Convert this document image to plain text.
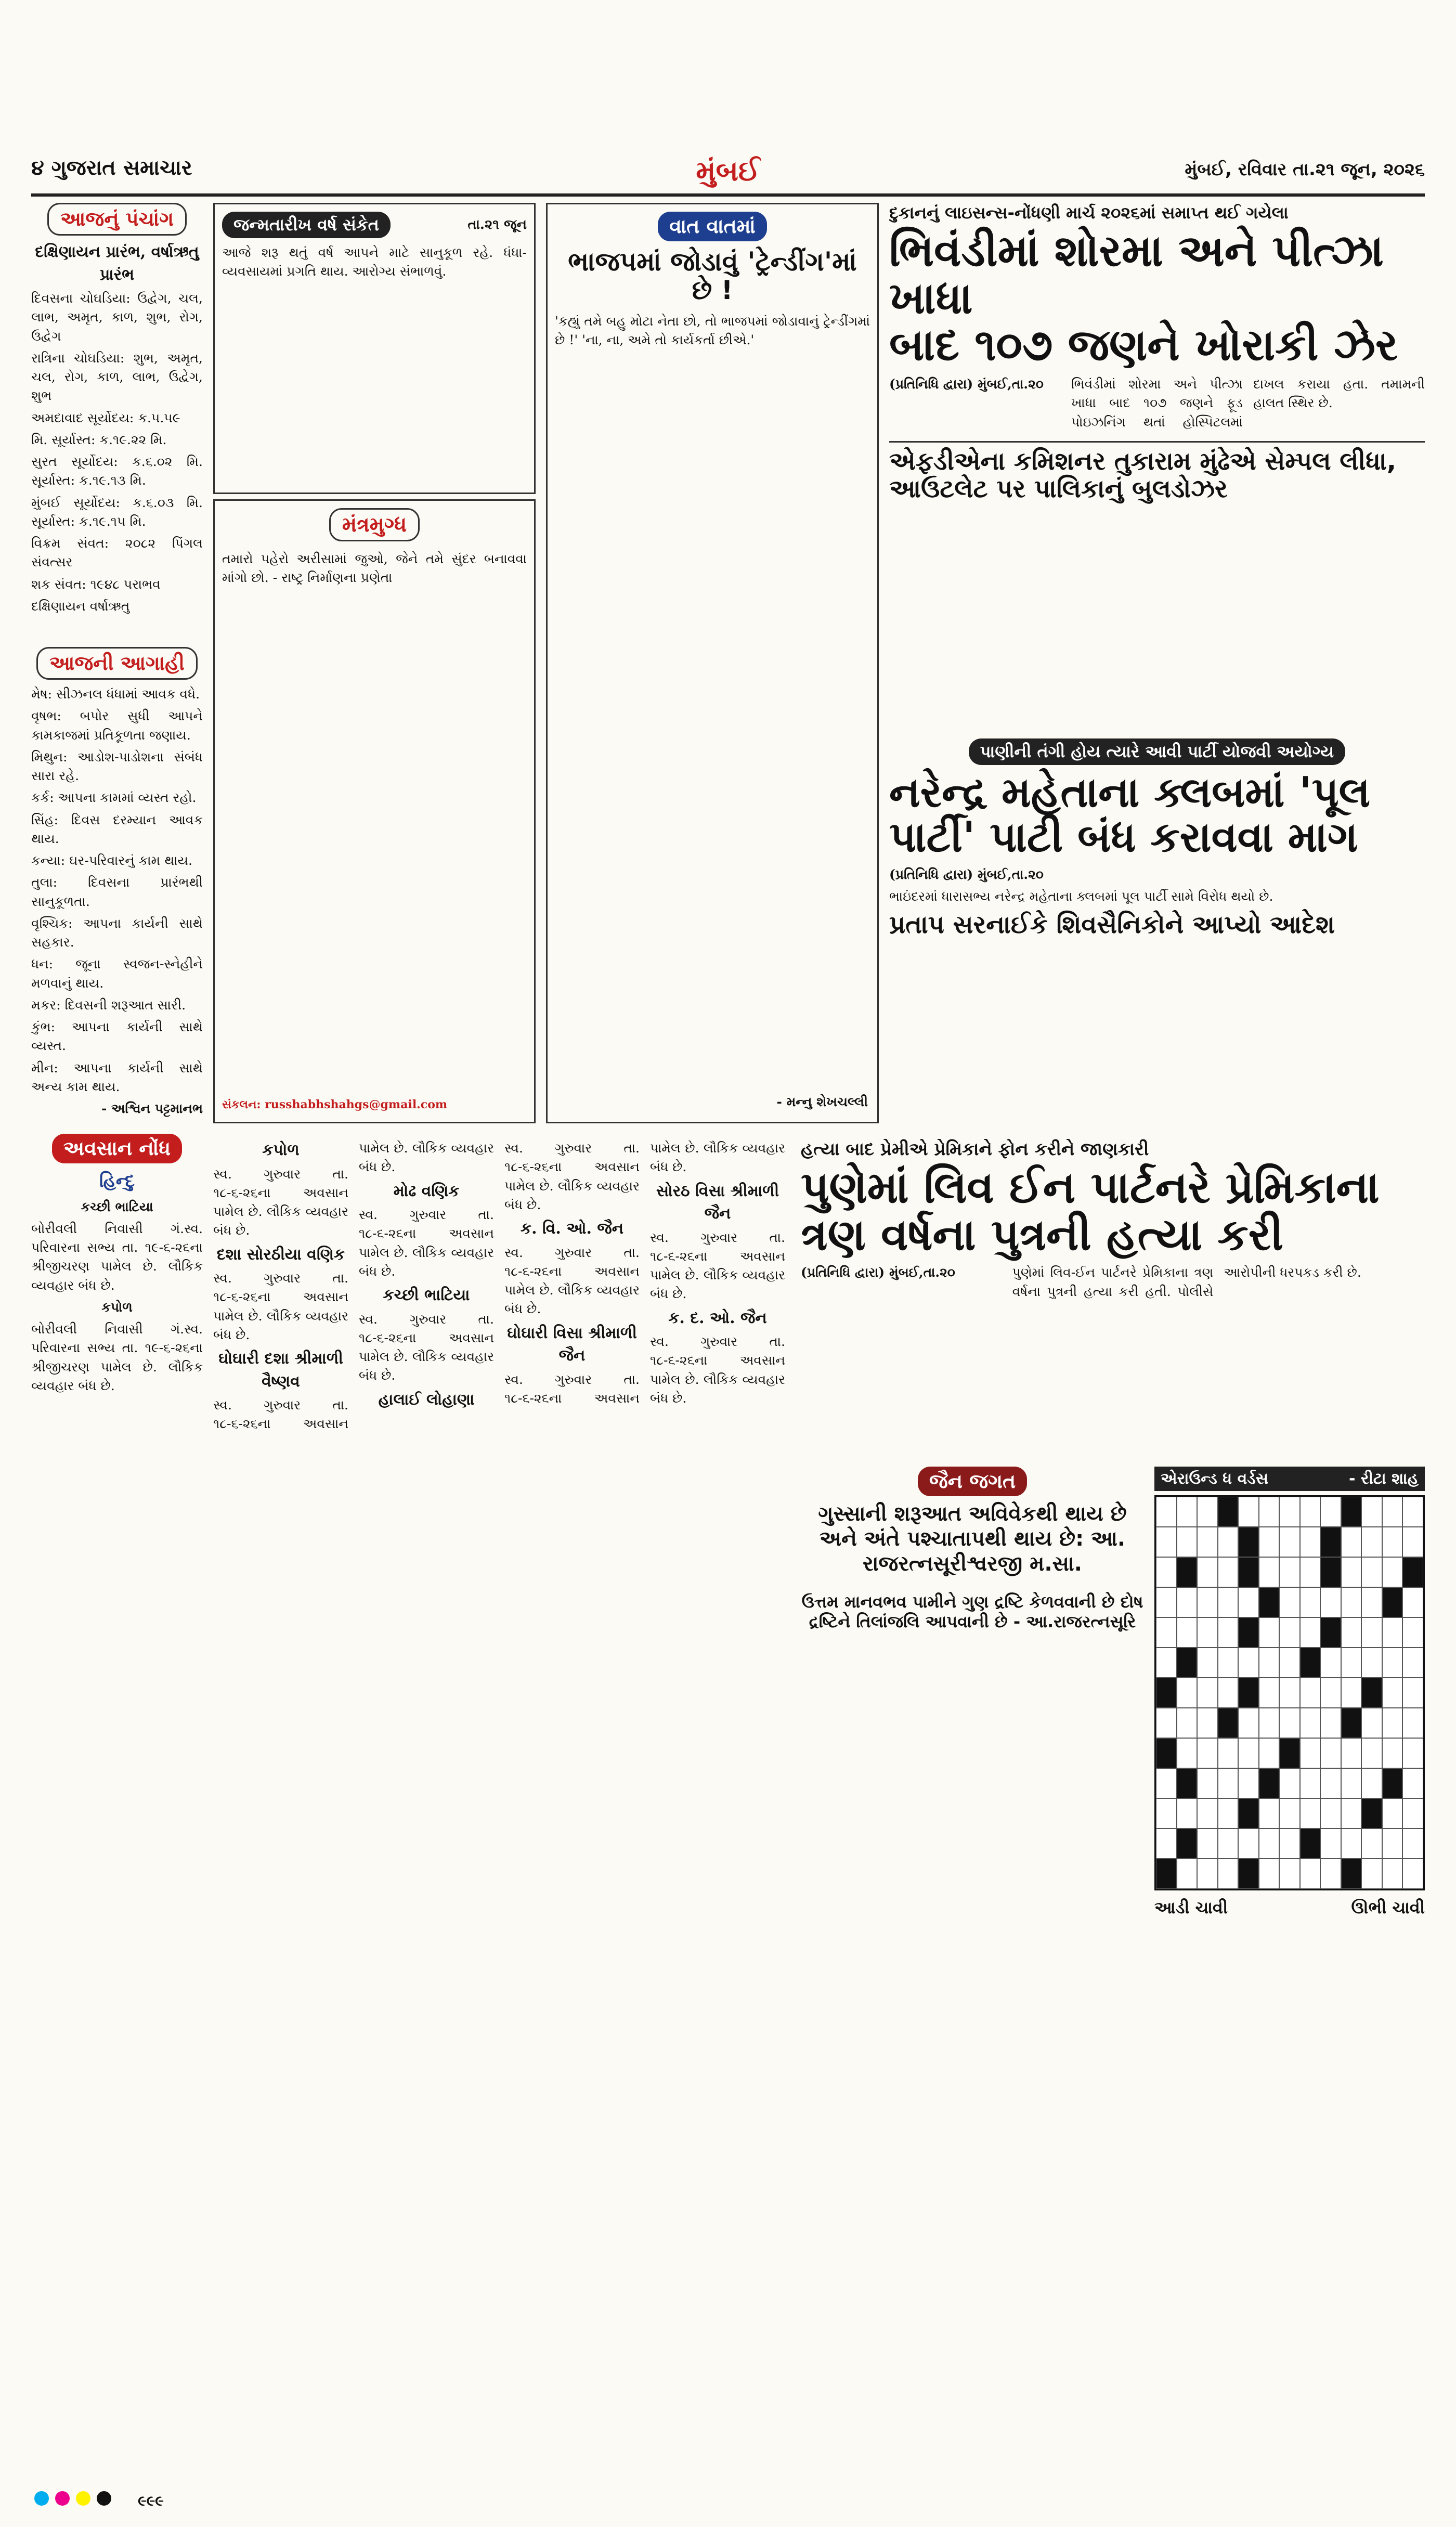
૪ ગુજરાત સમાચાર	મુંબઈ	મુંબઈ, રવિવાર તા.૨૧ જૂન, ૨૦૨૬
આજનું પંચાંગ

દક્ષિણાયન પ્રારંભ, વર્ષાઋતુ પ્રારંભ

દિવસના ચોઘડિયા: ઉદ્વેગ, ચલ, લાભ, અમૃત, કાળ, શુભ, રોગ, ઉદ્વેગ

રાત્રિના ચોઘડિયા: શુભ, અમૃત, ચલ, રોગ, કાળ, લાભ, ઉદ્વેગ, શુભ

અમદાવાદ સૂર્યોદય: ક.૫.૫૯

મિ. સૂર્યાસ્ત: ક.૧૯.૨૨ મિ.

સુરત સૂર્યોદય: ક.૬.૦૨ મિ. સૂર્યાસ્ત: ક.૧૯.૧૩ મિ.

મુંબઈ સૂર્યોદય: ક.૬.૦૩ મિ. સૂર્યાસ્ત: ક.૧૯.૧૫ મિ.

વિક્રમ સંવત: ૨૦૮૨ પિંગલ સંવત્સર

શક સંવત: ૧૯૪૮ પરાભવ

દક્ષિણાયન વર્ષાઋતુ

આજની આગાહી

મેષ: સીઝનલ ધંધામાં આવક વધે.

વૃષભ: બપોર સુધી આપને કામકાજમાં પ્રતિકૂળતા જણાય.

મિથુન: આડોશ-પાડોશના સંબંધ સારા રહે.

કર્ક: આપના કામમાં વ્યસ્ત રહો.

સિંહ: દિવસ દરમ્યાન આવક થાય.

કન્યા: ઘર-પરિવારનું કામ થાય.

તુલા: દિવસના પ્રારંભથી સાનુકૂળતા.

વૃશ્ચિક: આપના કાર્યની સાથે સહકાર.

ધન: જૂના સ્વજન-સ્નેહીને મળવાનું થાય.

મકર: દિવસની શરૂઆત સારી.

કુંભ: આપના કાર્યની સાથે વ્યસ્ત.

મીન: આપના કાર્યની સાથે અન્ય કામ થાય.

- અશ્વિન પટ્ટમાનભ

અવસાન નોંધ

હિન્દુ

કચ્છી ભાટિયા

બોરીવલી નિવાસી ગં.સ્વ. પરિવારના સભ્ય તા. ૧૯-૬-૨૬ના શ્રીજીચરણ પામેલ છે. લૌકિક વ્યવહાર બંધ છે.

કપોળ

બોરીવલી નિવાસી ગં.સ્વ. પરિવારના સભ્ય તા. ૧૯-૬-૨૬ના શ્રીજીચરણ પામેલ છે. લૌકિક વ્યવહાર બંધ છે.

જન્મતારીખ વર્ષ સંકેત	તા.૨૧ જૂન

આજે શરૂ થતું વર્ષ આપને માટે સાનુકૂળ રહે. ધંધા-વ્યવસાયમાં પ્રગતિ થાય. આરોગ્ય સંભાળવું.

મંત્રમુગ્ધ

તમારો પહેરો અરીસામાં જુઓ, જેને તમે સુંદર બનાવવા માંગો છો. - રાષ્ટ્ર નિર્માણના પ્રણેતા

સંકલન: russhabhshahgs@gmail.com

વાત વાતમાં
ભાજપમાં જોડાવું 'ટ્રેન્ડીંગ'માં છે !

'કહ્યું તમે બહુ મોટા નેતા છો, તો ભાજપમાં જોડાવાનું ટ્રેન્ડીંગમાં છે !' 'ના, ના, અમે તો કાર્યકર્તા છીએ.'

- મન્નુ શેખચલ્લી

દુકાનનું લાઇસન્સ-નોંધણી માર્ચ ૨૦૨૬માં સમાપ્ત થઈ ગયેલા
ભિવંડીમાં શોરમા અને પીત્ઝા ખાધા
બાદ ૧૦૭ જણને ખોરાકી ઝેર

(પ્રતિનિધિ દ્વારા) મુંબઈ,તા.૨૦	ભિવંડીમાં શોરમા અને પીત્ઝા ખાધા બાદ ૧૦૭ જણને ફૂડ પોઇઝનિંગ થતાં હોસ્પિટલમાં દાખલ કરાયા હતા. તમામની હાલત સ્થિર છે.

એફડીએના કમિશનર તુકારામ મુંઢેએ સેમ્પલ લીધા, આઉટલેટ પર પાલિકાનું બુલડોઝર
પાણીની તંગી હોય ત્યારે આવી પાર્ટી યોજવી અયોગ્ય
નરેન્દ્ર મહેતાના ક્લબમાં 'પૂલ
પાર્ટી' પાટી બંધ કરાવવા માગ

(પ્રતિનિધિ દ્વારા) મુંબઈ,તા.૨૦

ભાઇંદરમાં ધારાસભ્ય નરેન્દ્ર મહેતાના ક્લબમાં પૂલ પાર્ટી સામે વિરોધ થયો છે.

પ્રતાપ સરનાઈકે શિવસૈનિકોને આપ્યો આદેશ

કપોળ

સ્વ. ગુરુવાર તા. ૧૮-૬-૨૬ના અવસાન પામેલ છે. લૌકિક વ્યવહાર બંધ છે.

દશા સોરઠીયા વણિક

સ્વ. ગુરુવાર તા. ૧૮-૬-૨૬ના અવસાન પામેલ છે. લૌકિક વ્યવહાર બંધ છે.

ઘોઘારી દશા શ્રીમાળી વૈષ્ણવ

સ્વ. ગુરુવાર તા. ૧૮-૬-૨૬ના અવસાન પામેલ છે. લૌકિક વ્યવહાર બંધ છે.

મોઢ વણિક

સ્વ. ગુરુવાર તા. ૧૮-૬-૨૬ના અવસાન પામેલ છે. લૌકિક વ્યવહાર બંધ છે.

કચ્છી ભાટિયા

સ્વ. ગુરુવાર તા. ૧૮-૬-૨૬ના અવસાન પામેલ છે. લૌકિક વ્યવહાર બંધ છે.

હાલાઈ લોહાણા

સ્વ. ગુરુવાર તા. ૧૮-૬-૨૬ના અવસાન પામેલ છે. લૌકિક વ્યવહાર બંધ છે.

ક. વિ. ઓ. જૈન

સ્વ. ગુરુવાર તા. ૧૮-૬-૨૬ના અવસાન પામેલ છે. લૌકિક વ્યવહાર બંધ છે.

ઘોઘારી વિસા શ્રીમાળી જૈન

સ્વ. ગુરુવાર તા. ૧૮-૬-૨૬ના અવસાન પામેલ છે. લૌકિક વ્યવહાર બંધ છે.

સોરઠ વિસા શ્રીમાળી જૈન

સ્વ. ગુરુવાર તા. ૧૮-૬-૨૬ના અવસાન પામેલ છે. લૌકિક વ્યવહાર બંધ છે.

ક. દ. ઓ. જૈન

સ્વ. ગુરુવાર તા. ૧૮-૬-૨૬ના અવસાન પામેલ છે. લૌકિક વ્યવહાર બંધ છે.

હત્યા બાદ પ્રેમીએ પ્રેમિકાને ફોન કરીને જાણકારી
પુણેમાં લિવ ઈન પાર્ટનરે પ્રેમિકાના
ત્રણ વર્ષના પુત્રની હત્યા કરી

(પ્રતિનિધિ દ્વારા) મુંબઈ,તા.૨૦	પુણેમાં લિવ-ઈન પાર્ટનરે પ્રેમિકાના ત્રણ વર્ષના પુત્રની હત્યા કરી હતી. પોલીસે આરોપીની ધરપકડ કરી છે.

જૈન જગત
ગુસ્સાની શરૂઆત અવિવેકથી થાય છે અને અંતે પશ્ચાતાપથી થાય છે: આ. રાજરત્નસૂરીશ્વરજી મ.સા.
ઉત્તમ માનવભવ પામીને ગુણ દ્રષ્ટિ કેળવવાની છે દોષ દ્રષ્ટિને તિલાંજલિ આપવાની છે - આ.રાજરત્નસૂરિ
એરાઉન્ડ ધ વર્ડસ	- રીટા શાહ
આડી ચાવી	ઊભી ચાવી
૯૯૯
